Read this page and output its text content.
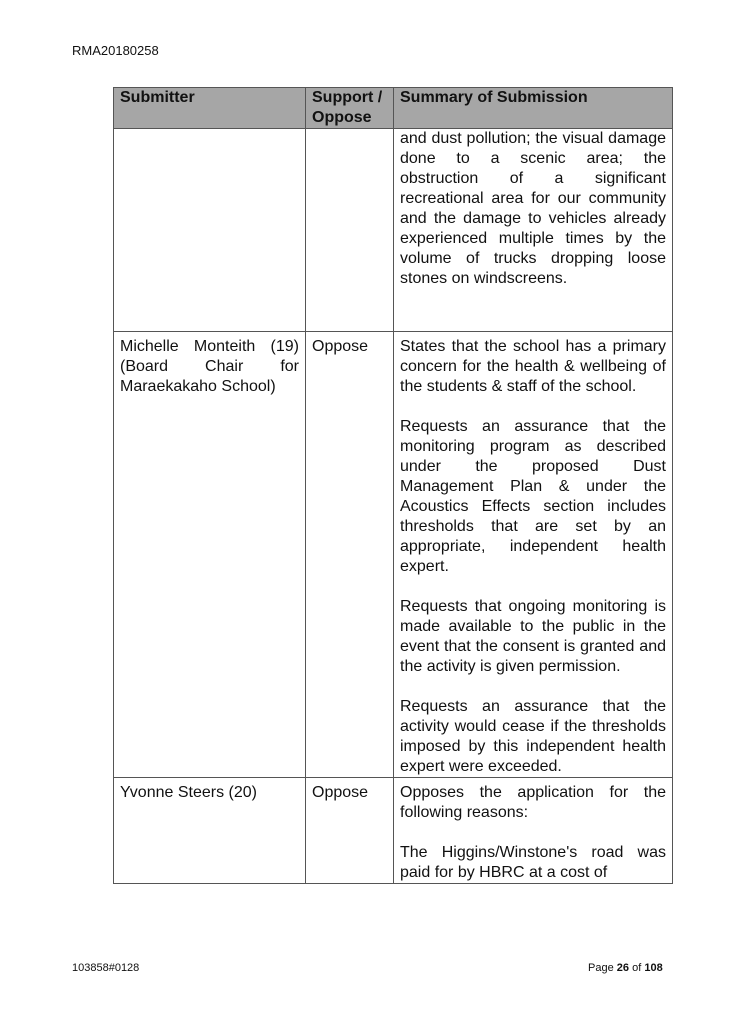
RMA20180258
Submitter	Support / Oppose	Summary of Submission

		and dust pollution; the visual damage done to a scenic area; the obstruction of a significant recreational area for our community and the damage to vehicles already experienced multiple times by the volume of trucks dropping loose stones on windscreens.

Michelle Monteith (19) (Board Chair for Maraekakaho School)	Oppose	States that the school has a primary concern for the health & wellbeing of the students & staff of the school.

Requests an assurance that the monitoring program as described under the proposed Dust Management Plan & under the Acoustics Effects section includes thresholds that are set by an appropriate, independent health expert.

Requests that ongoing monitoring is made available to the public in the event that the consent is granted and the activity is given permission.

Requests an assurance that the activity would cease if the thresholds imposed by this independent health expert were exceeded.

Yvonne Steers (20)	Oppose	Opposes the application for the following reasons:

The Higgins/Winstone's road was paid for by HBRC at a cost of

103858#0128	Page 26 of 108
